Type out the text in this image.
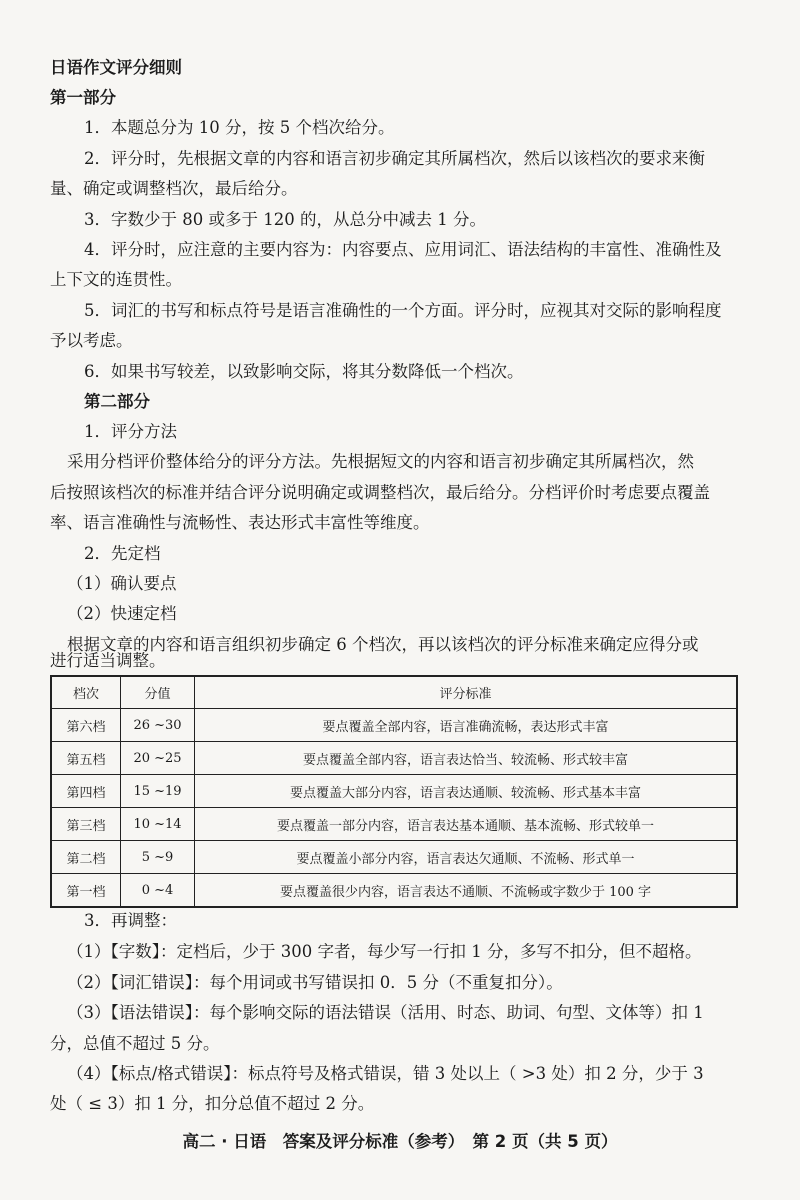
日语作文评分细则

第一部分

1．本题总分为 10 分，按 5 个档次给分。

2．评分时，先根据文章的内容和语言初步确定其所属档次，然后以该档次的要求来衡

量、确定或调整档次，最后给分。

3．字数少于 80 或多于 120 的，从总分中减去 1 分。

4．评分时，应注意的主要内容为：内容要点、应用词汇、语法结构的丰富性、准确性及

上下文的连贯性。

5．词汇的书写和标点符号是语言准确性的一个方面。评分时，应视其对交际的影响程度

予以考虑。

6．如果书写较差，以致影响交际，将其分数降低一个档次。

第二部分

1．评分方法

采用分档评价整体给分的评分方法。先根据短文的内容和语言初步确定其所属档次，然

后按照该档次的标准并结合评分说明确定或调整档次，最后给分。分档评价时考虑要点覆盖

率、语言准确性与流畅性、表达形式丰富性等维度。

2．先定档

（1）确认要点

（2）快速定档

根据文章的内容和语言组织初步确定 6 个档次，再以该档次的评分标准来确定应得分或

进行适当调整。

档次	分值	评分标准
第六档	26 ~30	要点覆盖全部内容，语言准确流畅，表达形式丰富
第五档	20 ~25	要点覆盖全部内容，语言表达恰当、较流畅、形式较丰富
第四档	15 ~19	要点覆盖大部分内容，语言表达通顺、较流畅、形式基本丰富
第三档	10 ~14	要点覆盖一部分内容，语言表达基本通顺、基本流畅、形式较单一
第二档	5 ~9	要点覆盖小部分内容，语言表达欠通顺、不流畅、形式单一
第一档	0 ~4	要点覆盖很少内容，语言表达不通顺、不流畅或字数少于 100 字

3．再调整：

（1）【字数】：定档后，少于 300 字者，每少写一行扣 1 分，多写不扣分，但不超格。

（2）【词汇错误】：每个用词或书写错误扣 0．5 分（不重复扣分）。

（3）【语法错误】：每个影响交际的语法错误（活用、时态、助词、句型、文体等）扣 1

分，总值不超过 5 分。

（4）【标点/格式错误】：标点符号及格式错误，错 3 处以上（ >3 处）扣 2 分，少于 3

处（ ≤ 3）扣 1 分，扣分总值不超过 2 分。

高二 · 日语　答案及评分标准（参考）　第 2 页（共 5 页）
